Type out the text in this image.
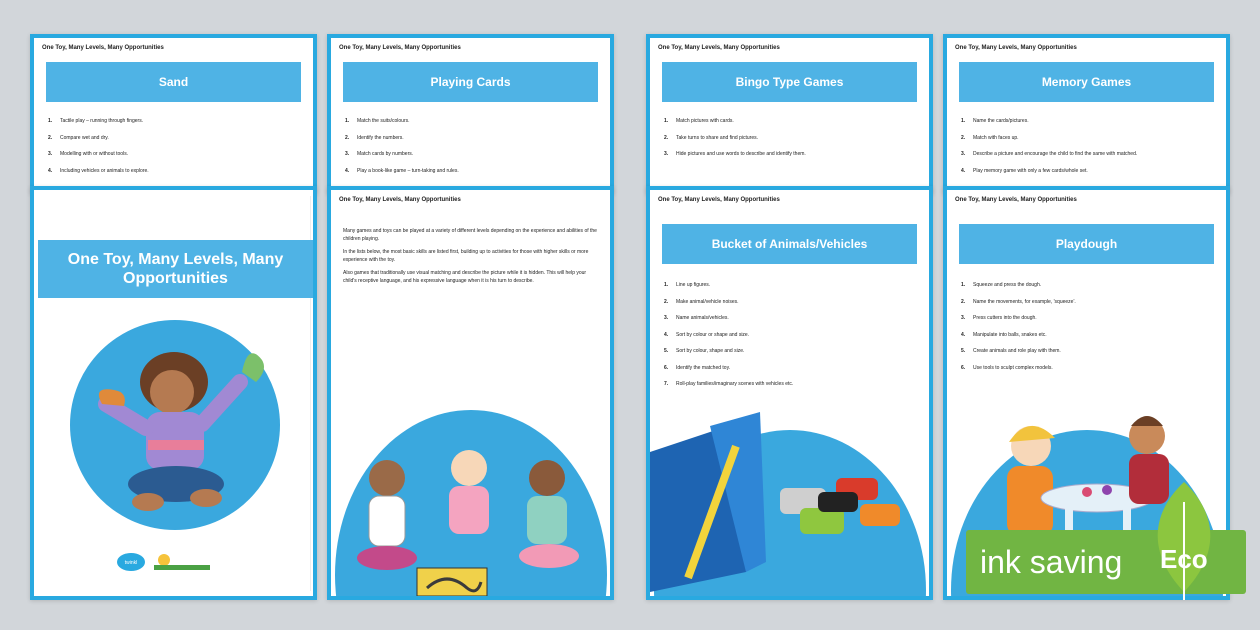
One Toy, Many Levels, Many Opportunities
Sand
1.	Tactile play – running through fingers.
2.	Compare wet and dry.
3.	Modelling with or without tools.
4.	Including vehicles or animals to explore.
One Toy, Many Levels, Many Opportunities
Playing Cards
1.	Match the suits/colours.
2.	Identify the numbers.
3.	Match cards by numbers.
4.	Play a book-like game – turn-taking and rules.
One Toy, Many Levels, Many Opportunities
Bingo Type Games
1.	Match pictures with cards.
2.	Take turns to share and find pictures.
3.	Hide pictures and use words to describe and identify them.
One Toy, Many Levels, Many Opportunities
Memory Games
1.	Name the cards/pictures.
2.	Match with faces up.
3.	Describe a picture and encourage the child to find the same with matched.
4.	Play memory game with only a few cards/whole set.
One Toy, Many Levels, Many Opportunities
twinkl
One Toy, Many Levels, Many Opportunities

Many games and toys can be played at a variety of different levels depending on the experience and abilities of the children playing.

In the lists below, the most basic skills are listed first, building up to activities for those with higher skills or more experience with the toy.

Also games that traditionally use visual matching and describe the picture while it is hidden. This will help your child's receptive language, and his expressive language when it is his turn to describe.

One Toy, Many Levels, Many Opportunities
Bucket of Animals/Vehicles
1.	Line up figures.
2.	Make animal/vehicle noises.
3.	Name animals/vehicles.
4.	Sort by colour or shape and size.
5.	Sort by colour, shape and size.
6.	Identify the matched toy.
7.	Roll-play families/imaginary scenes with vehicles etc.
One Toy, Many Levels, Many Opportunities
Playdough
1.	Squeeze and press the dough.
2.	Name the movements, for example, 'squeeze'.
3.	Press cutters into the dough.
4.	Manipulate into balls, snakes etc.
5.	Create animals and role play with them.
6.	Use tools to sculpt complex models.
ink saving Eco
